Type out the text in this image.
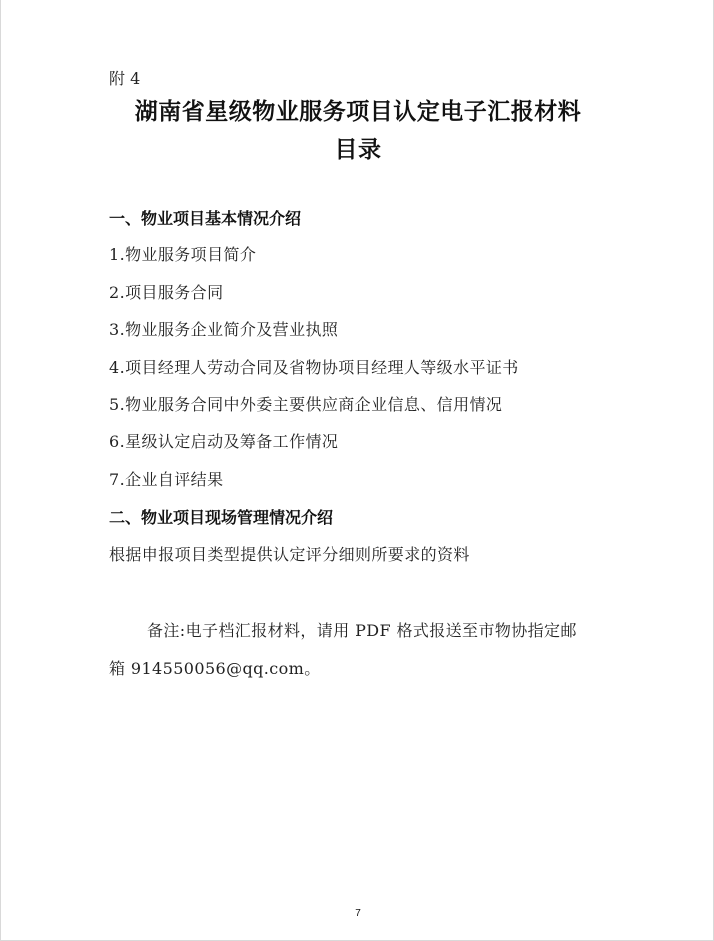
附 4
湖南省星级物业服务项目认定电子汇报材料
目录
一、物业项目基本情况介绍
1.物业服务项目简介
2.项目服务合同
3.物业服务企业简介及营业执照
4.项目经理人劳动合同及省物协项目经理人等级水平证书
5.物业服务合同中外委主要供应商企业信息、信用情况
6.星级认定启动及筹备工作情况
7.企业自评结果
二、物业项目现场管理情况介绍
根据申报项目类型提供认定评分细则所要求的资料
备注:电子档汇报材料，请用 PDF 格式报送至市物协指定邮
箱 914550056@qq.com。
7
